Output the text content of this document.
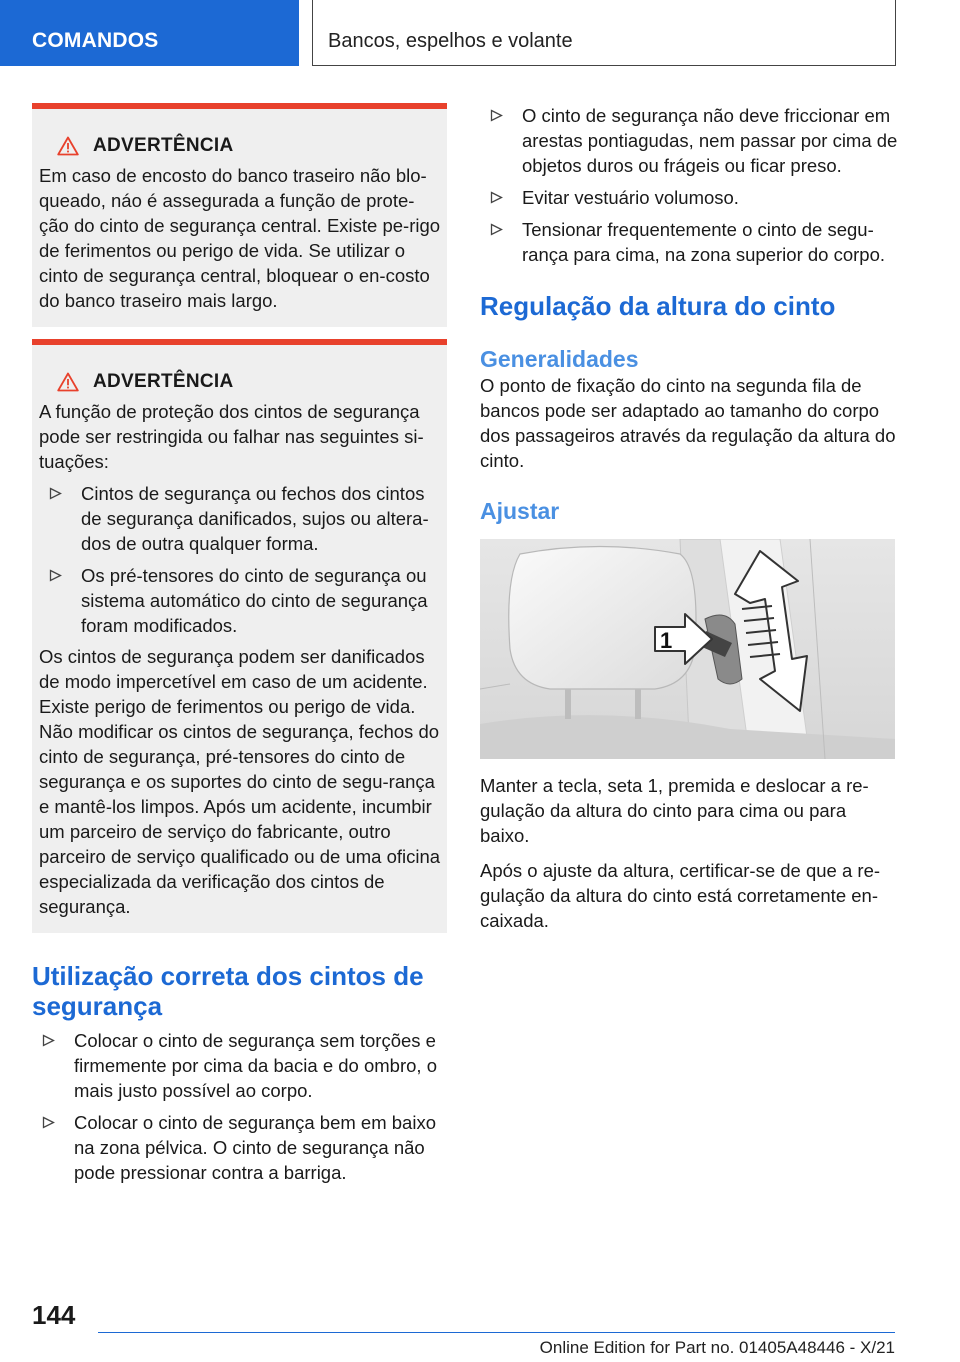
COMANDOS	Bancos, espelhos e volante
ADVERTÊNCIA

Em caso de encosto do banco traseiro não blo-queado, náo é assegurada a função de prote-ção do cinto de segurança central. Existe pe-rigo de ferimentos ou perigo de vida. Se utilizar o cinto de segurança central, bloquear o en-costo do banco traseiro mais largo.

ADVERTÊNCIA

A função de proteção dos cintos de segurança pode ser restringida ou falhar nas seguintes si-tuações:

Cintos de segurança ou fechos dos cintos de segurança danificados, sujos ou altera-dos de outra qualquer forma.
Os pré-tensores do cinto de segurança ou sistema automático do cinto de segurança foram modificados.

Os cintos de segurança podem ser danificados de modo impercetível em caso de um acidente. Existe perigo de ferimentos ou perigo de vida. Não modificar os cintos de segurança, fechos do cinto de segurança, pré-tensores do cinto de segurança e os suportes do cinto de segu-rança e mantê-los limpos. Após um acidente, incumbir um parceiro de serviço do fabricante, outro parceiro de serviço qualificado ou de uma oficina especializada da verificação dos cintos de segurança.

Utilização correta dos cintos de segurança
Colocar o cinto de segurança sem torções e firmemente por cima da bacia e do ombro, o mais justo possível ao corpo.
Colocar o cinto de segurança bem em baixo na zona pélvica. O cinto de segurança não pode pressionar contra a barriga.
O cinto de segurança não deve friccionar em arestas pontiagudas, nem passar por cima de objetos duros ou frágeis ou ficar preso.
Evitar vestuário volumoso.
Tensionar frequentemente o cinto de segu-rança para cima, na zona superior do corpo.
Regulação da altura do cinto
Generalidades

O ponto de fixação do cinto na segunda fila de bancos pode ser adaptado ao tamanho do corpo dos passageiros através da regulação da altura do cinto.

Ajustar
1

Manter a tecla, seta 1, premida e deslocar a re-gulação da altura do cinto para cima ou para baixo.

Após o ajuste da altura, certificar-se de que a re-gulação da altura do cinto está corretamente en-caixada.

144
Online Edition for Part no. 01405A48446 - X/21
